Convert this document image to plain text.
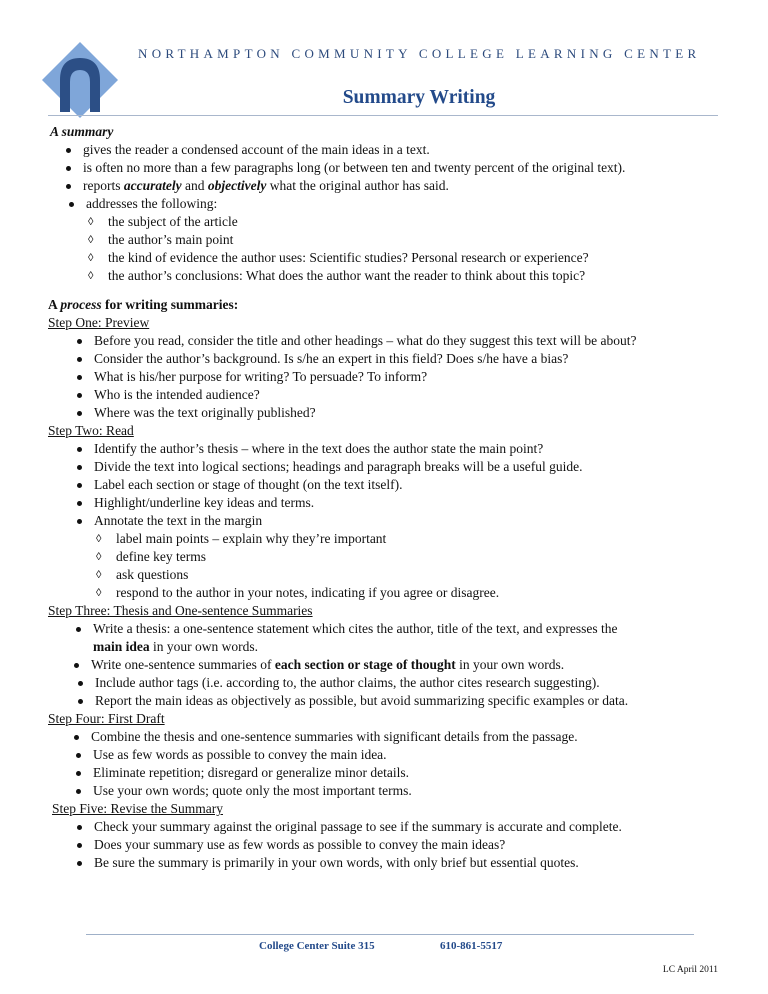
NORTHAMPTON COMMUNITY COLLEGE LEARNING CENTER
Summary Writing
A summary
gives the reader a condensed account of the main ideas in a text.
is often no more than a few paragraphs long (or between ten and twenty percent of the original text).
reports accurately and objectively what the original author has said.
addresses the following:
◊ the subject of the article
◊ the author’s main point
◊ the kind of evidence the author uses: Scientific studies? Personal research or experience?
◊ the author’s conclusions: What does the author want the reader to think about this topic?
A process for writing summaries:
Step One: Preview
Before you read, consider the title and other headings – what do they suggest this text will be about?
Consider the author’s background. Is s/he an expert in this field? Does s/he have a bias?
What is his/her purpose for writing? To persuade? To inform?
Who is the intended audience?
Where was the text originally published?
Step Two: Read
Identify the author’s thesis – where in the text does the author state the main point?
Divide the text into logical sections; headings and paragraph breaks will be a useful guide.
Label each section or stage of thought (on the text itself).
Highlight/underline key ideas and terms.
Annotate the text in the margin
◊ label main points – explain why they’re important
◊ define key terms
◊ ask questions
◊ respond to the author in your notes, indicating if you agree or disagree.
Step Three: Thesis and One-sentence Summaries
Write a thesis: a one-sentence statement which cites the author, title of the text, and expresses the
main idea in your own words.
Write one-sentence summaries of each section or stage of thought in your own words.
Include author tags (i.e. according to, the author claims, the author cites research suggesting).
Report the main ideas as objectively as possible, but avoid summarizing specific examples or data.
Step Four: First Draft
Combine the thesis and one-sentence summaries with significant details from the passage.
Use as few words as possible to convey the main idea.
Eliminate repetition; disregard or generalize minor details.
Use your own words; quote only the most important terms.
Step Five: Revise the Summary
Check your summary against the original passage to see if the summary is accurate and complete.
Does your summary use as few words as possible to convey the main ideas?
Be sure the summary is primarily in your own words, with only brief but essential quotes.
College Center Suite 315	610-861-5517
LC April 2011
